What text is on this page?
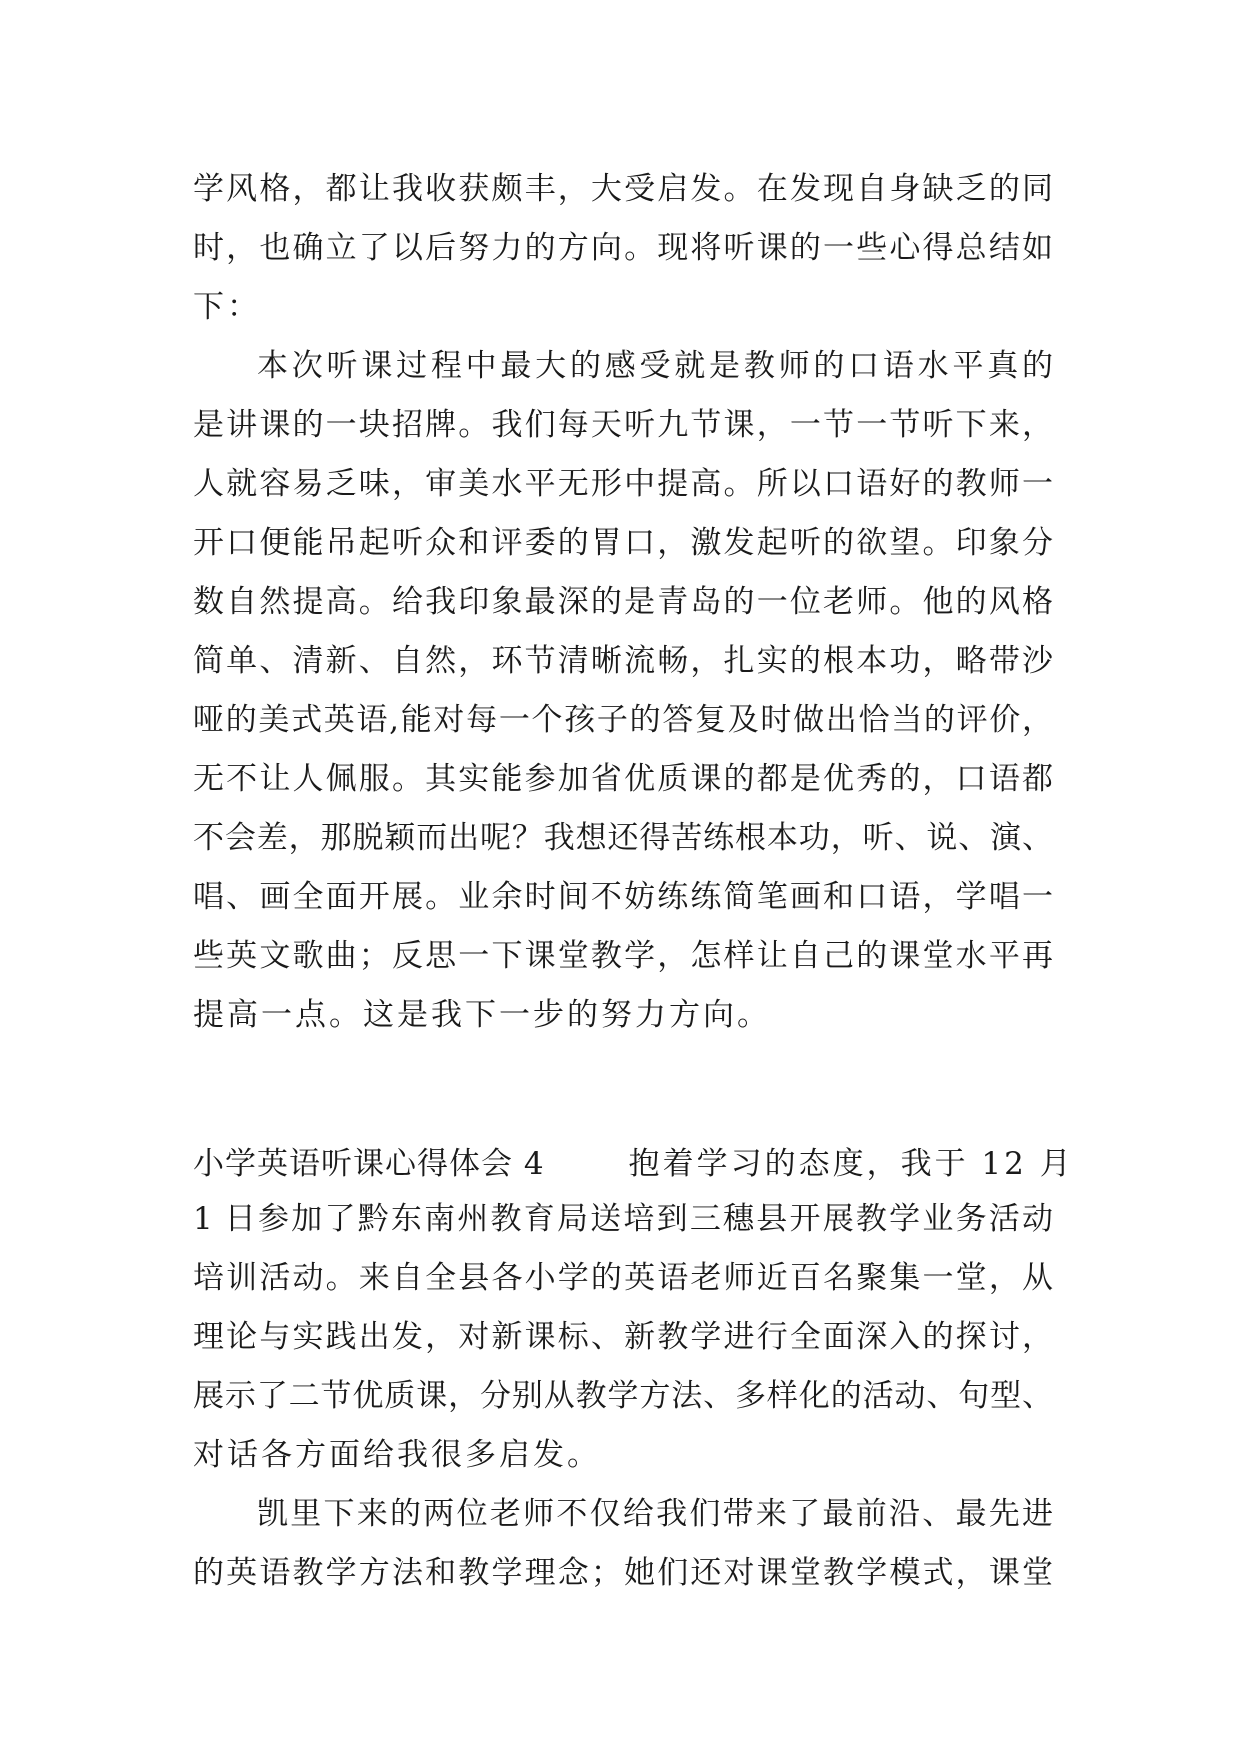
学风格，都让我收获颇丰，大受启发。在发现自身缺乏的同
时，也确立了以后努力的方向。现将听课的一些心得总结如
下：
本次听课过程中最大的感受就是教师的口语水平真的
是讲课的一块招牌。我们每天听九节课，一节一节听下来，
人就容易乏味，审美水平无形中提高。所以口语好的教师一
开口便能吊起听众和评委的胃口，激发起听的欲望。印象分
数自然提高。给我印象最深的是青岛的一位老师。他的风格
简单、清新、自然，环节清晰流畅，扎实的根本功，略带沙
哑的美式英语,能对每一个孩子的答复及时做出恰当的评价，
无不让人佩服。其实能参加省优质课的都是优秀的，口语都
不会差，那脱颖而出呢？我想还得苦练根本功，听、说、演、
唱、画全面开展。业余时间不妨练练简笔画和口语，学唱一
些英文歌曲；反思一下课堂教学，怎样让自己的课堂水平再
提高一点。这是我下一步的努力方向。
小学英语听课心得体会 4	抱着学习的态度，我于 12 月
1 日参加了黔东南州教育局送培到三穗县开展教学业务活动
培训活动。来自全县各小学的英语老师近百名聚集一堂，从
理论与实践出发，对新课标、新教学进行全面深入的探讨，
展示了二节优质课，分别从教学方法、多样化的活动、句型、
对话各方面给我很多启发。
凯里下来的两位老师不仅给我们带来了最前沿、最先进
的英语教学方法和教学理念；她们还对课堂教学模式，课堂
